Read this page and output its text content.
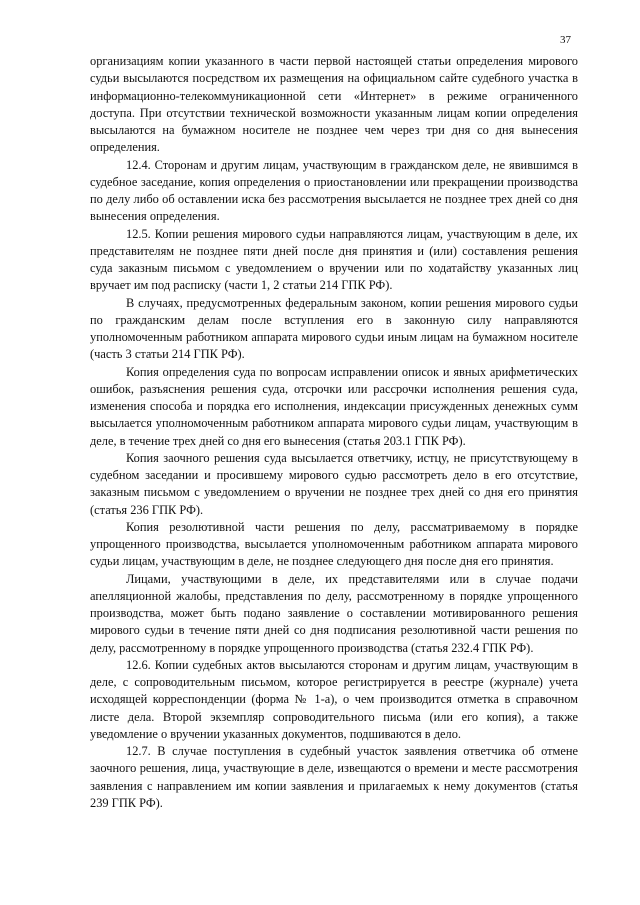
37

организациям копии указанного в части первой настоящей статьи определения мирового судьи высылаются посредством их размещения на официальном сайте судебного участка в информационно-телекоммуникационной сети «Интернет» в режиме ограниченного доступа. При отсутствии технической возможности указанным лицам копии определения высылаются на бумажном носителе не позднее чем через три дня со дня вынесения определения.

12.4. Сторонам и другим лицам, участвующим в гражданском деле, не явившимся в судебное заседание, копия определения о приостановлении или прекращении производства по делу либо об оставлении иска без рассмотрения высылается не позднее трех дней со дня вынесения определения.

12.5. Копии решения мирового судьи направляются лицам, участвующим в деле, их представителям не позднее пяти дней после дня принятия и (или) составления решения суда заказным письмом с уведомлением о вручении или по ходатайству указанных лиц вручает им под расписку (части 1, 2 статьи 214 ГПК РФ).

В случаях, предусмотренных федеральным законом, копии решения мирового судьи по гражданским делам после вступления его в законную силу направляются уполномоченным работником аппарата мирового судьи иным лицам на бумажном носителе (часть 3 статьи 214 ГПК РФ).

Копия определения суда по вопросам исправлении описок и явных арифметических ошибок, разъяснения решения суда, отсрочки или рассрочки исполнения решения суда, изменения способа и порядка его исполнения, индексации присужденных денежных сумм высылается уполномоченным работником аппарата мирового судьи лицам, участвующим в деле, в течение трех дней со дня его вынесения (статья 203.1 ГПК РФ).

Копия заочного решения суда высылается ответчику, истцу, не присутствующему в судебном заседании и просившему мирового судью рассмотреть дело в его отсутствие, заказным письмом с уведомлением о вручении не позднее трех дней со дня его принятия (статья 236 ГПК РФ).

Копия резолютивной части решения по делу, рассматриваемому в порядке упрощенного производства, высылается уполномоченным работником аппарата мирового судьи лицам, участвующим в деле, не позднее следующего дня после дня его принятия.

Лицами, участвующими в деле, их представителями или в случае подачи апелляционной жалобы, представления по делу, рассмотренному в порядке упрощенного производства, может быть подано заявление о составлении мотивированного решения мирового судьи в течение пяти дней со дня подписания резолютивной части решения по делу, рассмотренному в порядке упрощенного производства (статья 232.4 ГПК РФ).

12.6. Копии судебных актов высылаются сторонам и другим лицам, участвующим в деле, с сопроводительным письмом, которое регистрируется в реестре (журнале) учета исходящей корреспонденции (форма № 1-а), о чем производится отметка в справочном листе дела. Второй экземпляр сопроводительного письма (или его копия), а также уведомление о вручении указанных документов, подшиваются в дело.

12.7. В случае поступления в судебный участок заявления ответчика об отмене заочного решения, лица, участвующие в деле, извещаются о времени и месте рассмотрения заявления с направлением им копии заявления и прилагаемых к нему документов (статья 239 ГПК РФ).
